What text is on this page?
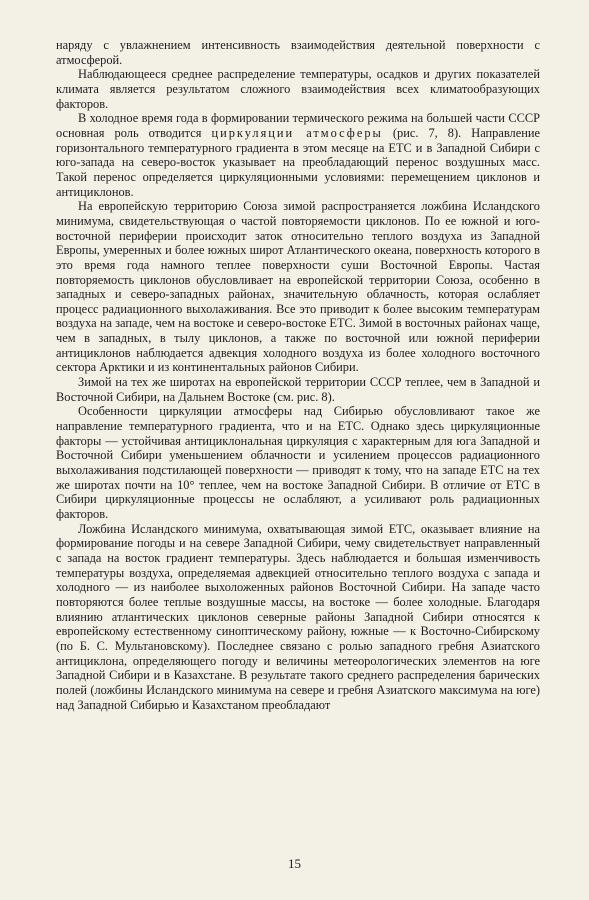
наряду с увлажнением интенсивность взаимодействия деятельной поверхности с атмосферой.

Наблюдающееся среднее распределение температуры, осадков и других показателей климата является результатом сложного взаимодействия всех климатообразующих факторов.

В холодное время года в формировании термического режима на большей части СССР основная роль отводится циркуляции атмосферы (рис. 7, 8). Направление горизонтального температурного градиента в этом месяце на ЕТС и в Западной Сибири с юго-запада на северо-восток указывает на преобладающий перенос воздушных масс. Такой перенос определяется циркуляционными условиями: перемещением циклонов и антициклонов.

На европейскую территорию Союза зимой распространяется ложбина Исландского минимума, свидетельствующая о частой повторяемости циклонов. По ее южной и юго-восточной периферии происходит заток относительно теплого воздуха из Западной Европы, умеренных и более южных широт Атлантического океана, поверхность которого в это время года намного теплее поверхности суши Восточной Европы. Частая повторяемость циклонов обусловливает на европейской территории Союза, особенно в западных и северо-западных районах, значительную облачность, которая ослабляет процесс радиационного выхолаживания. Все это приводит к более высоким температурам воздуха на западе, чем на востоке и северо-востоке ЕТС. Зимой в восточных районах чаще, чем в западных, в тылу циклонов, а также по восточной или южной периферии антициклонов наблюдается адвекция холодного воздуха из более холодного восточного сектора Арктики и из континентальных районов Сибири.

Зимой на тех же широтах на европейской территории СССР теплее, чем в Западной и Восточной Сибири, на Дальнем Востоке (см. рис. 8).

Особенности циркуляции атмосферы над Сибирью обусловливают такое же направление температурного градиента, что и на ЕТС. Однако здесь циркуляционные факторы — устойчивая антициклональная циркуляция с характерным для юга Западной и Восточной Сибири уменьшением облачности и усилением процессов радиационного выхолаживания подстилающей поверхности — приводят к тому, что на западе ЕТС на тех же широтах почти на 10° теплее, чем на востоке Западной Сибири. В отличие от ЕТС в Сибири циркуляционные процессы не ослабляют, а усиливают роль радиационных факторов.

Ложбина Исландского минимума, охватывающая зимой ЕТС, оказывает влияние на формирование погоды и на севере Западной Сибири, чему свидетельствует направленный с запада на восток градиент температуры. Здесь наблюдается и большая изменчивость температуры воздуха, определяемая адвекцией относительно теплого воздуха с запада и холодного — из наиболее выхоложенных районов Восточной Сибири. На западе часто повторяются более теплые воздушные массы, на востоке — более холодные. Благодаря влиянию атлантических циклонов северные районы Западной Сибири относятся к европейскому естественному синоптическому району, южные — к Восточно-Сибирскому (по Б. С. Мультановскому). Последнее связано с ролью западного гребня Азиатского антициклона, определяющего погоду и величины метеорологических элементов на юге Западной Сибири и в Казахстане. В результате такого среднего распределения барических полей (ложбины Исландского минимума на севере и гребня Азиатского максимума на юге) над Западной Сибирью и Казахстаном преобладают

15
